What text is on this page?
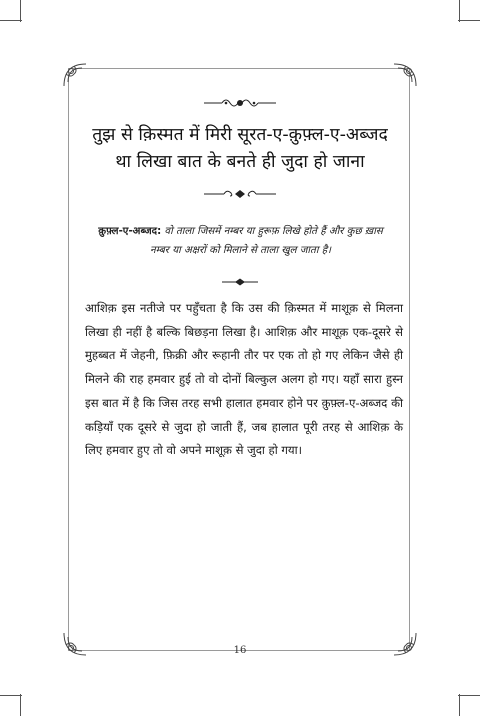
तुझ से क़िस्मत में मिरी सूरत-ए-क़ुफ़्ल-ए-अब्जद
था लिखा बात के बनते ही जुदा हो जाना
क़ुफ़्ल-ए-अब्जद: वो ताला जिसमें नम्बर या हुरूफ़ लिखे होते हैं और कुछ ख़ास नम्बर या अक्षरों को मिलाने से ताला खुल जाता है।
आशिक़ इस नतीजे पर पहुँचता है कि उस की क़िस्मत में माशूक़ से मिलना लिखा ही नहीं है बल्कि बिछड़ना लिखा है। आशिक़ और माशूक़ एक-दूसरे से मुहब्बत में जेहनी, फ़िक्री और रूहानी तौर पर एक तो हो गए लेकिन जैसे ही मिलने की राह हमवार हुई तो वो दोनों बिल्कुल अलग हो गए। यहाँ सारा हुस्न इस बात में है कि जिस तरह सभी हालात हमवार होने पर क़ुफ़्ल-ए-अब्जद की कड़ियाँ एक दूसरे से जुदा हो जाती हैं, जब हालात पूरी तरह से आशिक़ के लिए हमवार हुए तो वो अपने माशूक़ से जुदा हो गया।
16
